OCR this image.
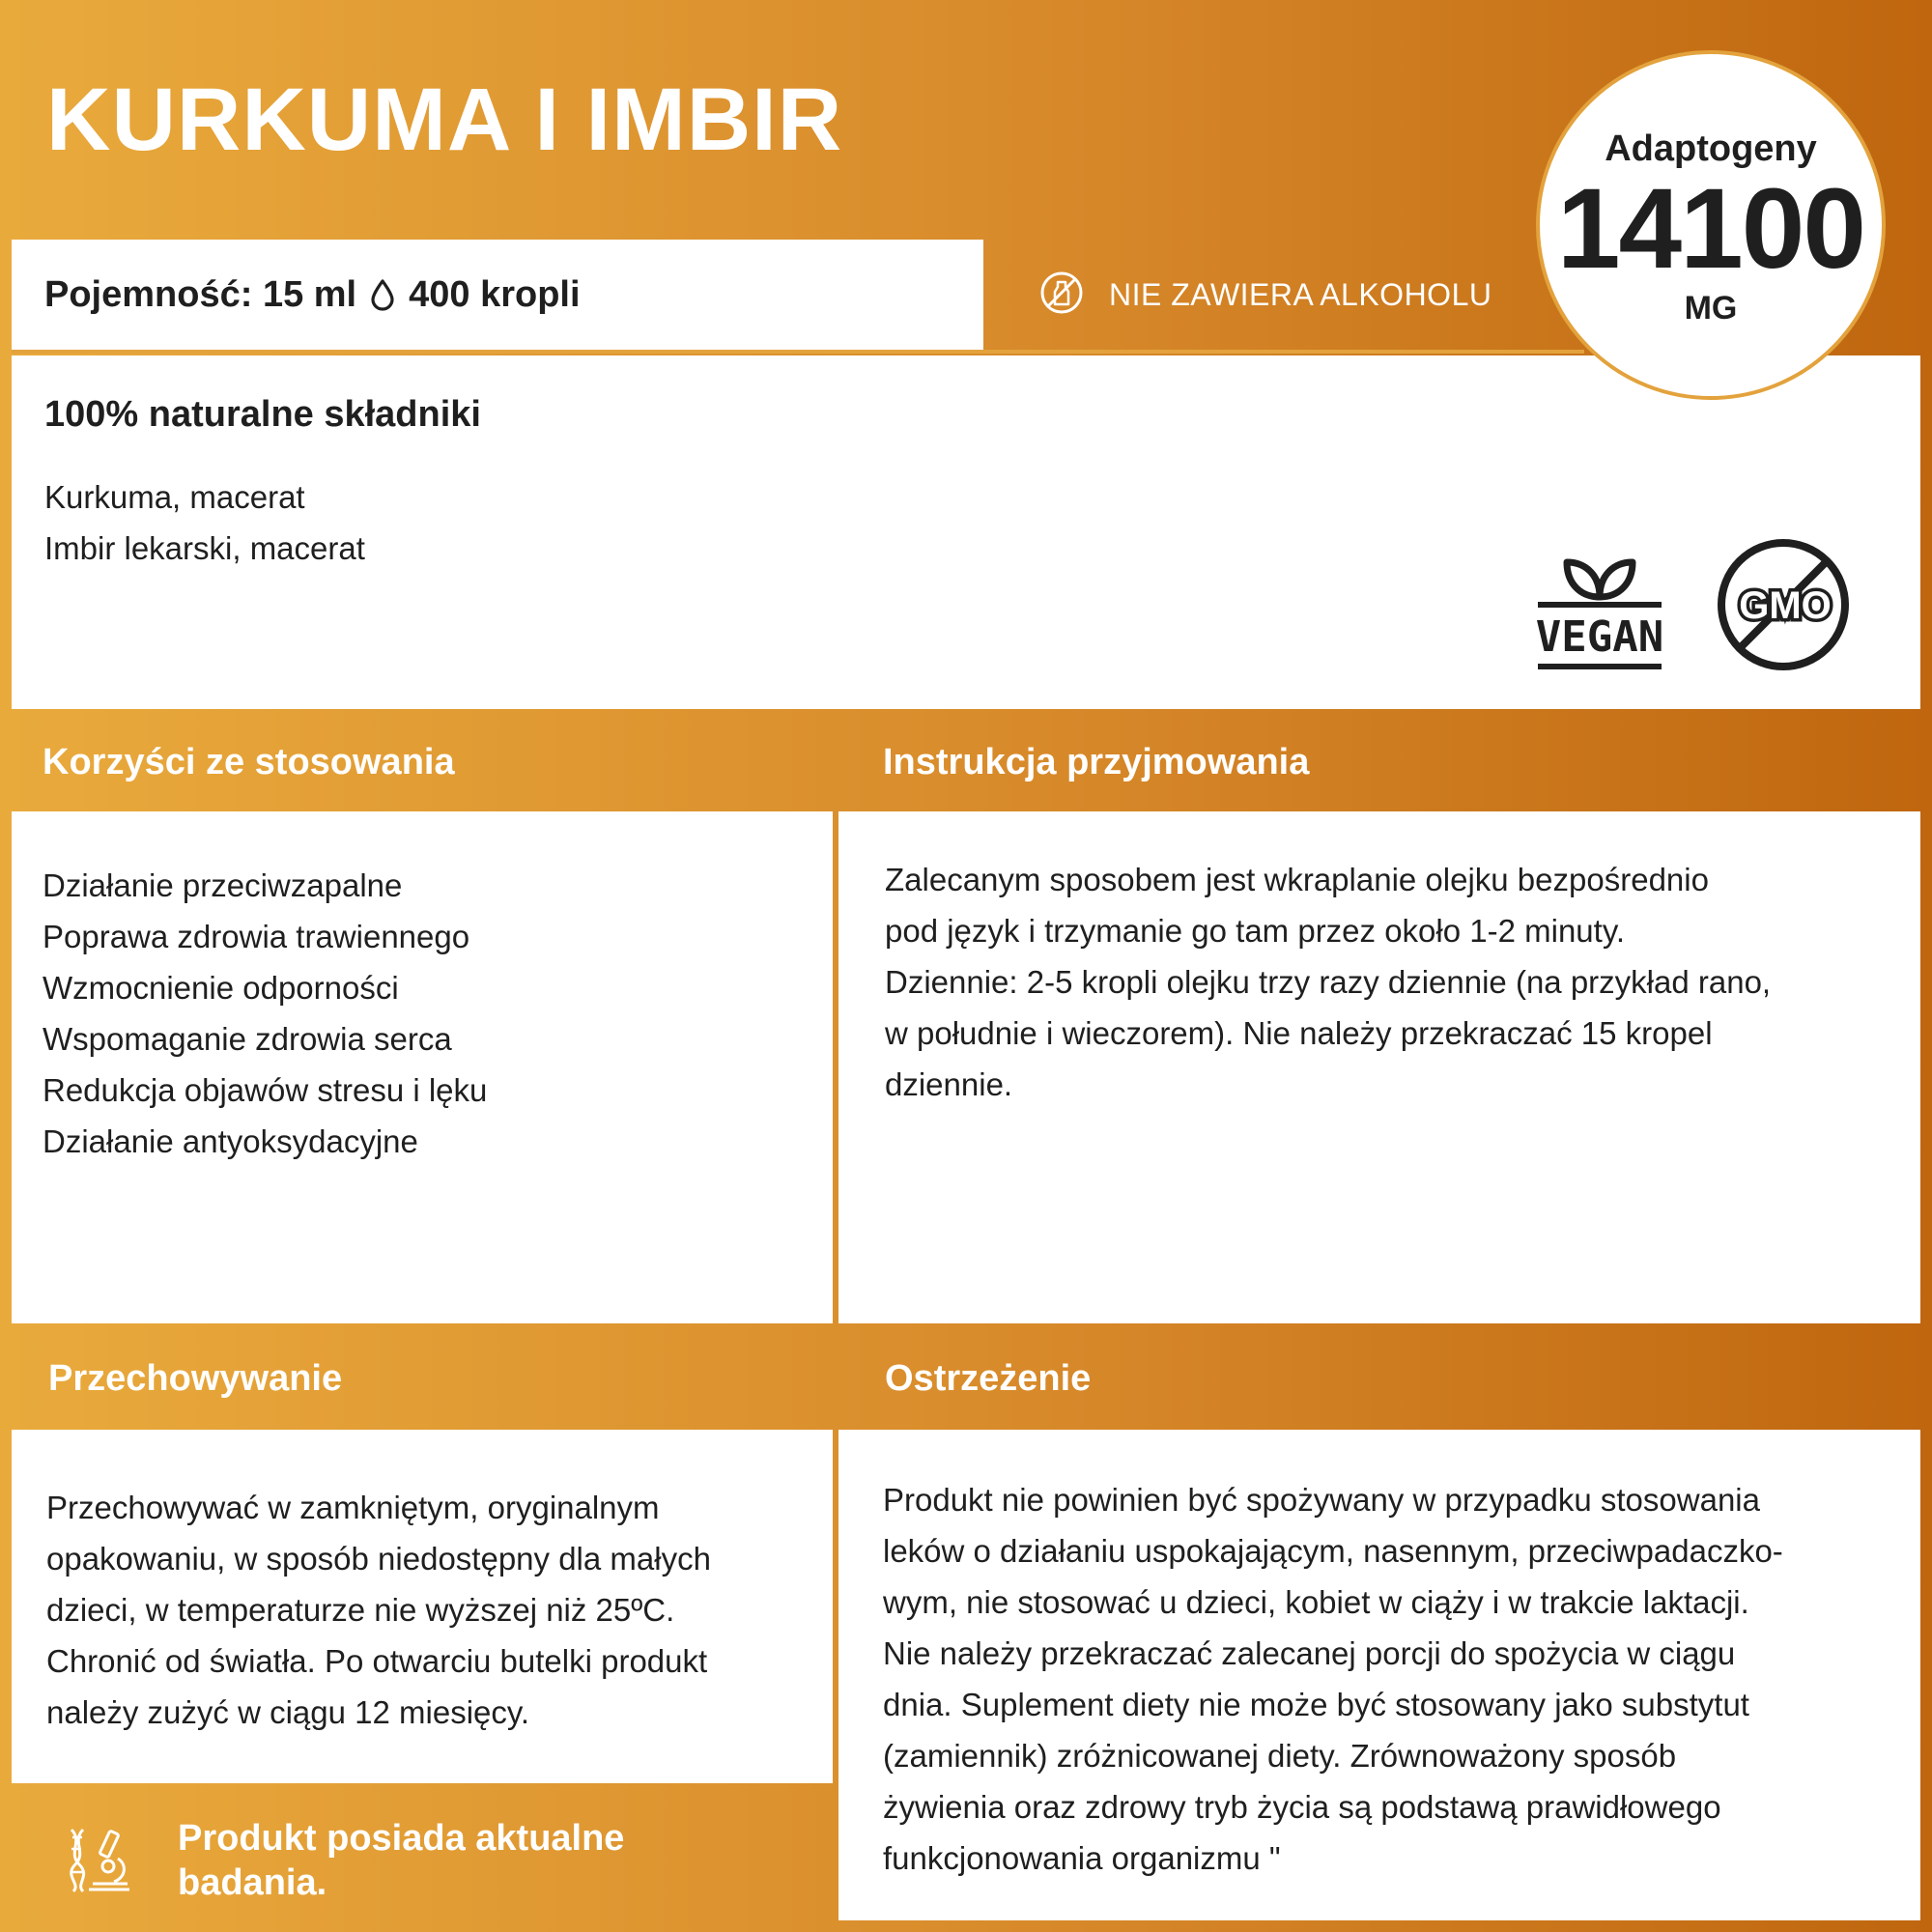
KURKUMA I IMBIR
Pojemność: 15 ml 400 kropli	NIE ZAWIERA ALKOHOLU
100% naturalne składniki
Kurkuma, macerat
Imbir lekarski, macerat
VEGAN
GMO
Adaptogeny
14100
MG
Korzyści ze stosowania	Instrukcja przyjmowania
Działanie przeciwzapalne
Poprawa zdrowia trawiennego
Wzmocnienie odporności
Wspomaganie zdrowia serca
Redukcja objawów stresu i lęku
Działanie antyoksydacyjne
Zalecanym sposobem jest wkraplanie olejku bezpośrednio
pod język i trzymanie go tam przez około 1-2 minuty.
Dziennie: 2-5 kropli olejku trzy razy dziennie (na przykład rano,
w południe i wieczorem). Nie należy przekraczać 15 kropel
dziennie.
Przechowywanie	Ostrzeżenie
Przechowywać w zamkniętym, oryginalnym
opakowaniu, w sposób niedostępny dla małych
dzieci, w temperaturze nie wyższej niż 25ºC.
Chronić od światła. Po otwarciu butelki produkt
należy zużyć w ciągu 12 miesięcy.
Produkt nie powinien być spożywany w przypadku stosowania
leków o działaniu uspokajającym, nasennym, przeciwpadaczko-
wym, nie stosować u dzieci, kobiet w ciąży i w trakcie laktacji.
Nie należy przekraczać zalecanej porcji do spożycia w ciągu
dnia. Suplement diety nie może być stosowany jako substytut
(zamiennik) zróżnicowanej diety. Zrównoważony sposób
żywienia oraz zdrowy tryb życia są podstawą prawidłowego
funkcjonowania organizmu "
Produkt posiada aktualne badania.
